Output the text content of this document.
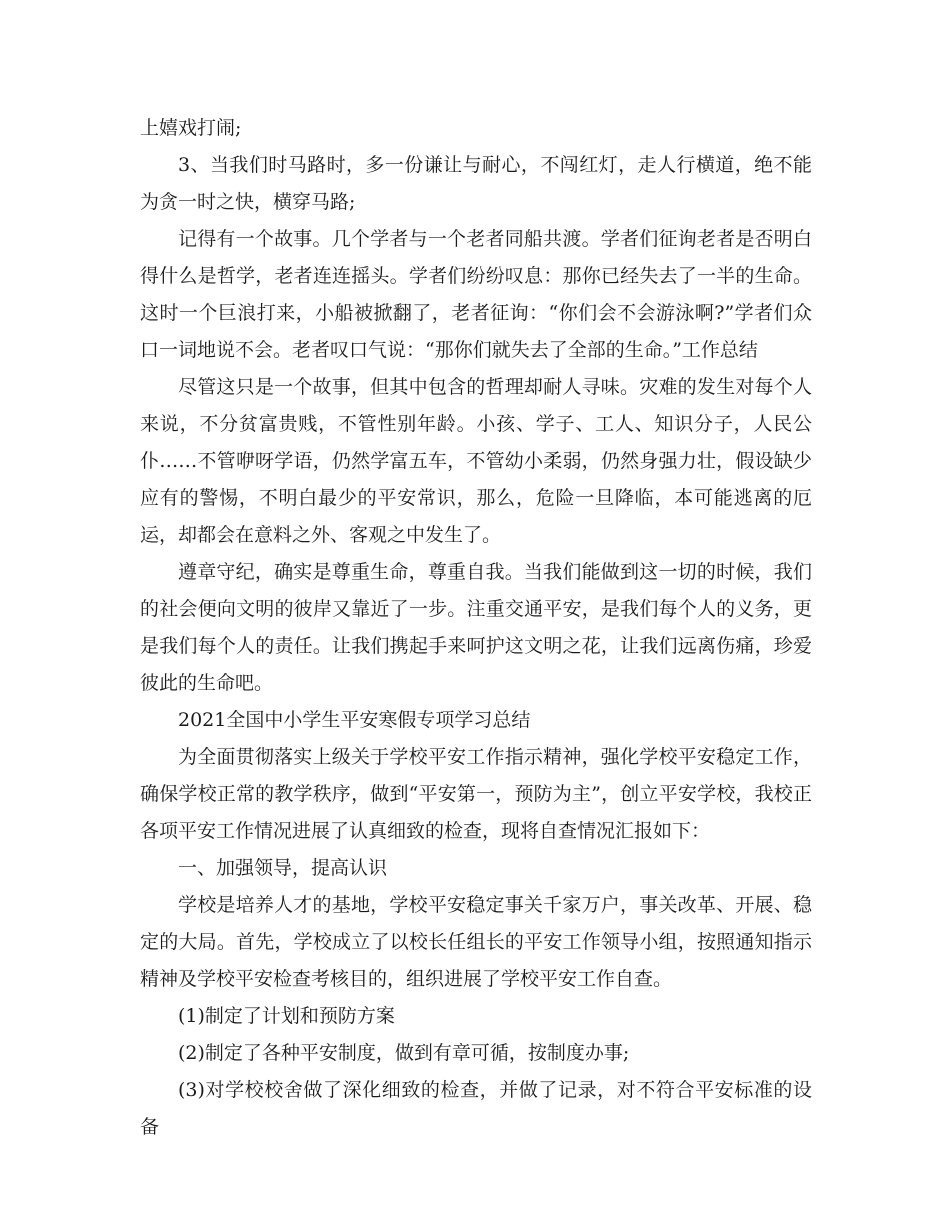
上嬉戏打闹;

3、当我们时马路时，多一份谦让与耐心，不闯红灯，走人行横道，绝不能为贪一时之快，横穿马路;

记得有一个故事。几个学者与一个老者同船共渡。学者们征询老者是否明白得什么是哲学，老者连连摇头。学者们纷纷叹息：那你已经失去了一半的生命。这时一个巨浪打来，小船被掀翻了，老者征询：“你们会不会游泳啊?”学者们众口一词地说不会。老者叹口气说：“那你们就失去了全部的生命。”工作总结

尽管这只是一个故事，但其中包含的哲理却耐人寻味。灾难的发生对每个人来说，不分贫富贵贱，不管性别年龄。小孩、学子、工人、知识分子，人民公仆……不管咿呀学语，仍然学富五车，不管幼小柔弱，仍然身强力壮，假设缺少应有的警惕，不明白最少的平安常识，那么，危险一旦降临，本可能逃离的厄运，却都会在意料之外、客观之中发生了。

遵章守纪，确实是尊重生命，尊重自我。当我们能做到这一切的时候，我们的社会便向文明的彼岸又靠近了一步。注重交通平安，是我们每个人的义务，更是我们每个人的责任。让我们携起手来呵护这文明之花，让我们远离伤痛，珍爱彼此的生命吧。

2021全国中小学生平安寒假专项学习总结

为全面贯彻落实上级关于学校平安工作指示精神，强化学校平安稳定工作，确保学校正常的教学秩序，做到“平安第一，预防为主”，创立平安学校，我校正各项平安工作情况进展了认真细致的检查，现将自查情况汇报如下：

一、加强领导，提高认识

学校是培养人才的基地，学校平安稳定事关千家万户，事关改革、开展、稳定的大局。首先，学校成立了以校长任组长的平安工作领导小组，按照通知指示精神及学校平安检查考核目的，组织进展了学校平安工作自查。

(1)制定了计划和预防方案

(2)制定了各种平安制度，做到有章可循，按制度办事;

(3)对学校校舍做了深化细致的检查，并做了记录，对不符合平安标准的设备
